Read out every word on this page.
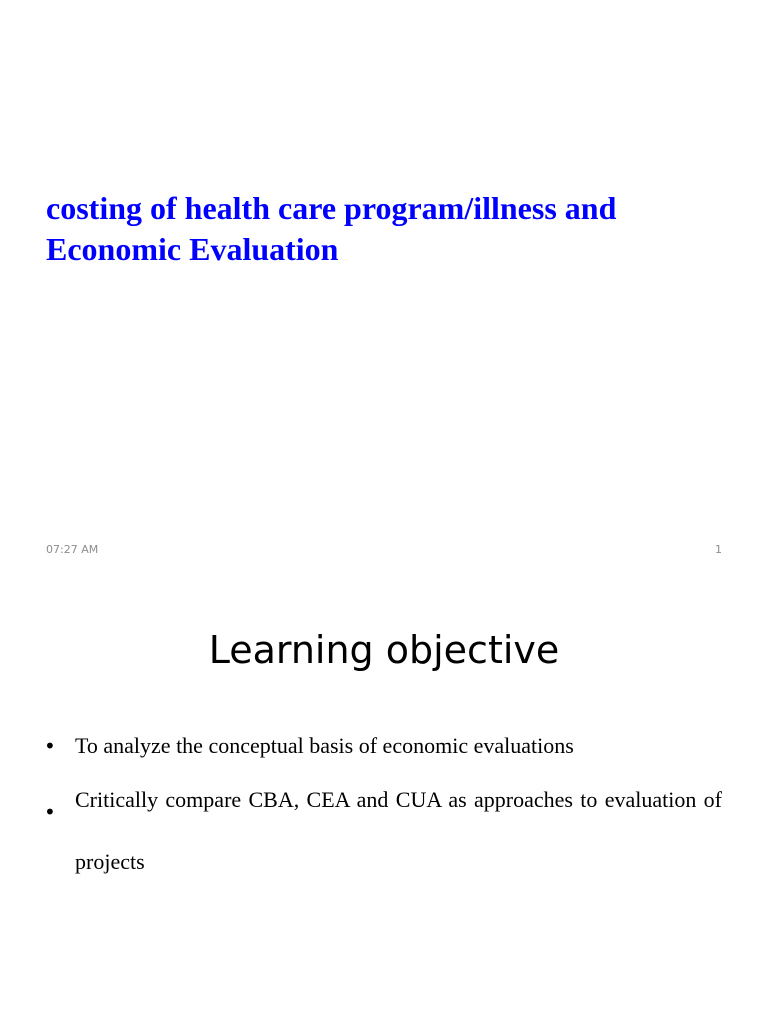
costing of health care program/illness and Economic Evaluation
07:27 AM	1
Learning objective
• To analyze the conceptual basis of economic evaluations
• Critically compare CBA, CEA and CUA as approaches to evaluation of projects
